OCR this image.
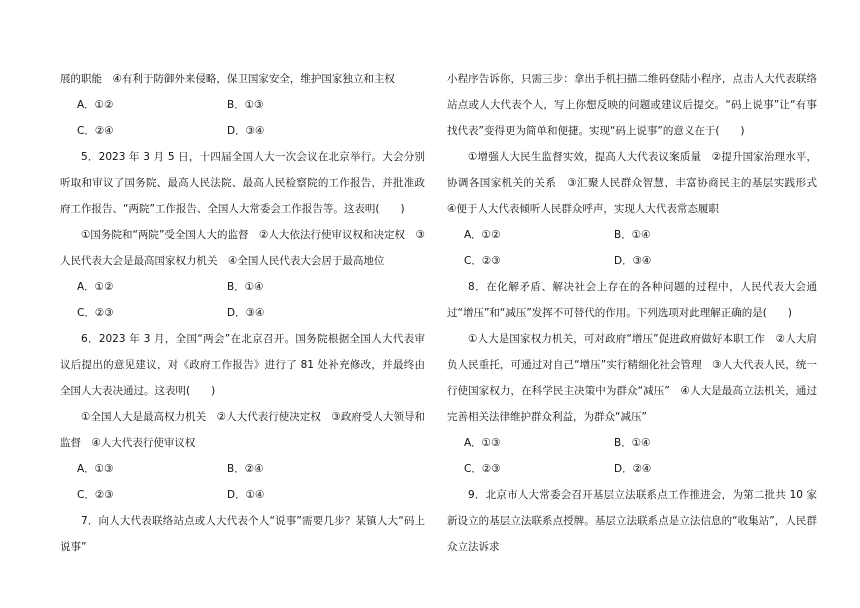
展的职能　④有利于防御外来侵略，保卫国家安全，维护国家独立和主权

A．①②	B．①③
C．②④	D．③④

5．2023 年 3 月 5 日，十四届全国人大一次会议在北京举行。大会分别听取和审议了国务院、最高人民法院、最高人民检察院的工作报告，并批准政府工作报告、“两院”工作报告、全国人大常委会工作报告等。这表明(　　)

①国务院和“两院”受全国人大的监督　②人大依法行使审议权和决定权　③人民代表大会是最高国家权力机关　④全国人民代表大会居于最高地位

A．①②	B．①④
C．②③	D．③④

6．2023 年 3 月，全国“两会”在北京召开。国务院根据全国人大代表审议后提出的意见建议，对《政府工作报告》进行了 81 处补充修改，并最终由全国人大表决通过。这表明(　　)

①全国人大是最高权力机关　②人大代表行使决定权　③政府受人大领导和监督　④人大代表行使审议权

A．①③	B．②④
C．②③	D．①④

7．向人大代表联络站点或人大代表个人“说事”需要几步？某镇人大“码上说事”

小程序告诉你，只需三步：拿出手机扫描二维码登陆小程序，点击人大代表联络站点或人大代表个人，写上你想反映的问题或建议后提交。“码上说事”让“有事找代表”变得更为简单和便捷。实现“码上说事”的意义在于(　　)

①增强人大民生监督实效，提高人大代表议案质量　②提升国家治理水平，协调各国家机关的关系　③汇聚人民群众智慧，丰富协商民主的基层实践形式　④便于人大代表倾听人民群众呼声，实现人大代表常态履职

A．①②	B．①④
C．②③	D．③④

8．在化解矛盾、解决社会上存在的各种问题的过程中，人民代表大会通过“增压”和“减压”发挥不可替代的作用。下列选项对此理解正确的是(　　)

①人大是国家权力机关，可对政府“增压”促进政府做好本职工作　②人大肩负人民重托，可通过对自己“增压”实行精细化社会管理　③人大代表人民，统一行使国家权力，在科学民主决策中为群众“减压”　④人大是最高立法机关，通过完善相关法律维护群众利益，为群众“减压”

A．①③	B．①④
C．②③	D．②④

9．北京市人大常委会召开基层立法联系点工作推进会，为第二批共 10 家新设立的基层立法联系点授牌。基层立法联系点是立法信息的“收集站”，人民群众立法诉求
